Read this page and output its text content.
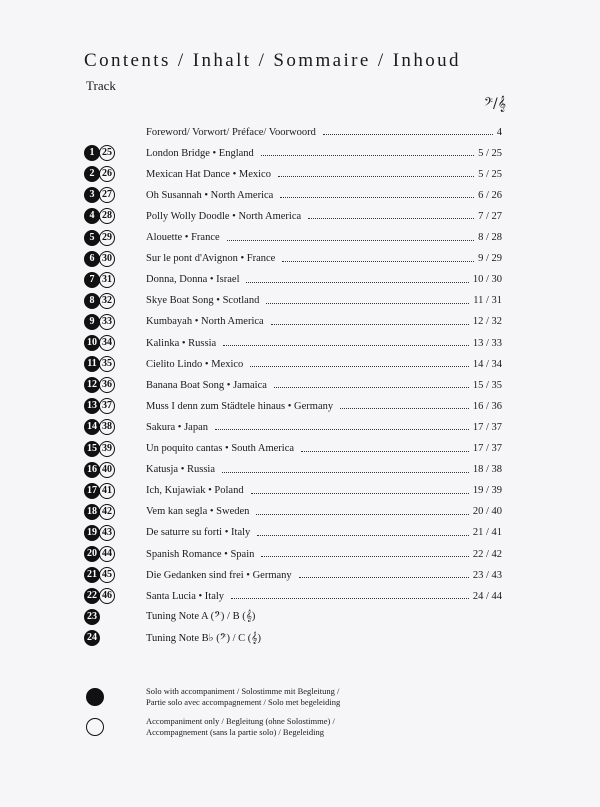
Contents / Inhalt / Sommaire / Inhoud
Track
𝄢/𝄞
Foreword/ Vorwort/ Préface/ Voorwoord	4
1 25	London Bridge • England	5 / 25
2 26	Mexican Hat Dance • Mexico	5 / 25
3 27	Oh Susannah • North America	6 / 26
4 28	Polly Wolly Doodle • North America	7 / 27
5 29	Alouette • France	8 / 28
6 30	Sur le pont d'Avignon • France	9 / 29
7 31	Donna, Donna • Israel	10 / 30
8 32	Skye Boat Song • Scotland	11 / 31
9 33	Kumbayah • North America	12 / 32
10 34	Kalinka • Russia	13 / 33
11 35	Cielito Lindo • Mexico	14 / 34
12 36	Banana Boat Song • Jamaica	15 / 35
13 37	Muss I denn zum Städtele hinaus • Germany	16 / 36
14 38	Sakura • Japan	17 / 37
15 39	Un poquito cantas • South America	17 / 37
16 40	Katusja • Russia	18 / 38
17 41	Ich, Kujawiak • Poland	19 / 39
18 42	Vem kan segla • Sweden	20 / 40
19 43	De saturre su forti • Italy	21 / 41
20 44	Spanish Romance • Spain	22 / 42
21 45	Die Gedanken sind frei • Germany	23 / 43
22 46	Santa Lucia • Italy	24 / 44
23	Tuning Note A (𝄢) / B (𝄞)
24	Tuning Note B♭ (𝄢) / C (𝄞)
Solo with accompaniment / Solostimme mit Begleitung /
Partie solo avec accompagnement / Solo met begeleiding
Accompaniment only / Begleitung (ohne Solostimme) /
Accompagnement (sans la partie solo) / Begeleiding
